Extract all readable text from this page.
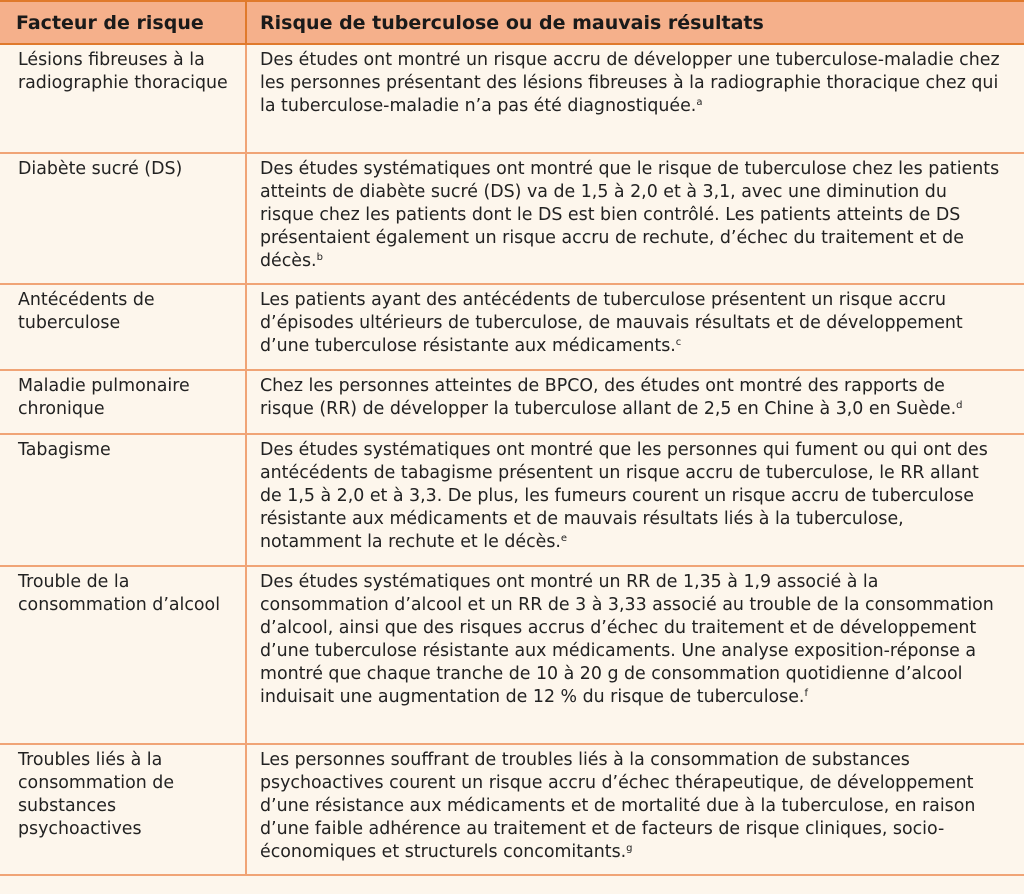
Facteur de risque	Risque de tuberculose ou de mauvais résultats
Lésions fibreuses à la radiographie thoracique	Des études ont montré un risque accru de développer une tuberculose-maladie chez les personnes présentant des lésions fibreuses à la radiographie thoracique chez qui la tuberculose-maladie n’a pas été diagnostiquée.$^a$
Diabète sucré (DS)	Des études systématiques ont montré que le risque de tuberculose chez les patients atteints de diabète sucré (DS) va de 1,5 à 2,0 et à 3,1, avec une diminution du risque chez les patients dont le DS est bien contrôlé. Les patients atteints de DS présentaient également un risque accru de rechute, d’échec du traitement et de décès.$^b$
Antécédents de tuberculose	Les patients ayant des antécédents de tuberculose présentent un risque accru d’épisodes ultérieurs de tuberculose, de mauvais résultats et de développement d’une tuberculose résistante aux médicaments.$^c$
Maladie pulmonaire chronique	Chez les personnes atteintes de BPCO, des études ont montré des rapports de risque (RR) de développer la tuberculose allant de 2,5 en Chine à 3,0 en Suède.$^d$
Tabagisme	Des études systématiques ont montré que les personnes qui fument ou qui ont des antécédents de tabagisme présentent un risque accru de tuberculose, le RR allant de 1,5 à 2,0 et à 3,3. De plus, les fumeurs courent un risque accru de tuberculose résistante aux médicaments et de mauvais résultats liés à la tuberculose, notamment la rechute et le décès.$^e$
Trouble de la consommation d’alcool	Des études systématiques ont montré un RR de 1,35 à 1,9 associé à la consommation d’alcool et un RR de 3 à 3,33 associé au trouble de la consommation d’alcool, ainsi que des risques accrus d’échec du traitement et de développement d’une tuberculose résistante aux médicaments. Une analyse exposition-réponse a montré que chaque tranche de 10 à 20 g de consommation quotidienne d’alcool induisait une augmentation de 12 % du risque de tuberculose.$^f$
Troubles liés à la consommation de substances psychoactives	Les personnes souffrant de troubles liés à la consommation de substances psychoactives courent un risque accru d’échec thérapeutique, de développement d’une résistance aux médicaments et de mortalité due à la tuberculose, en raison d’une faible adhérence au traitement et de facteurs de risque cliniques, socio-économiques et structurels concomitants.$^g$
